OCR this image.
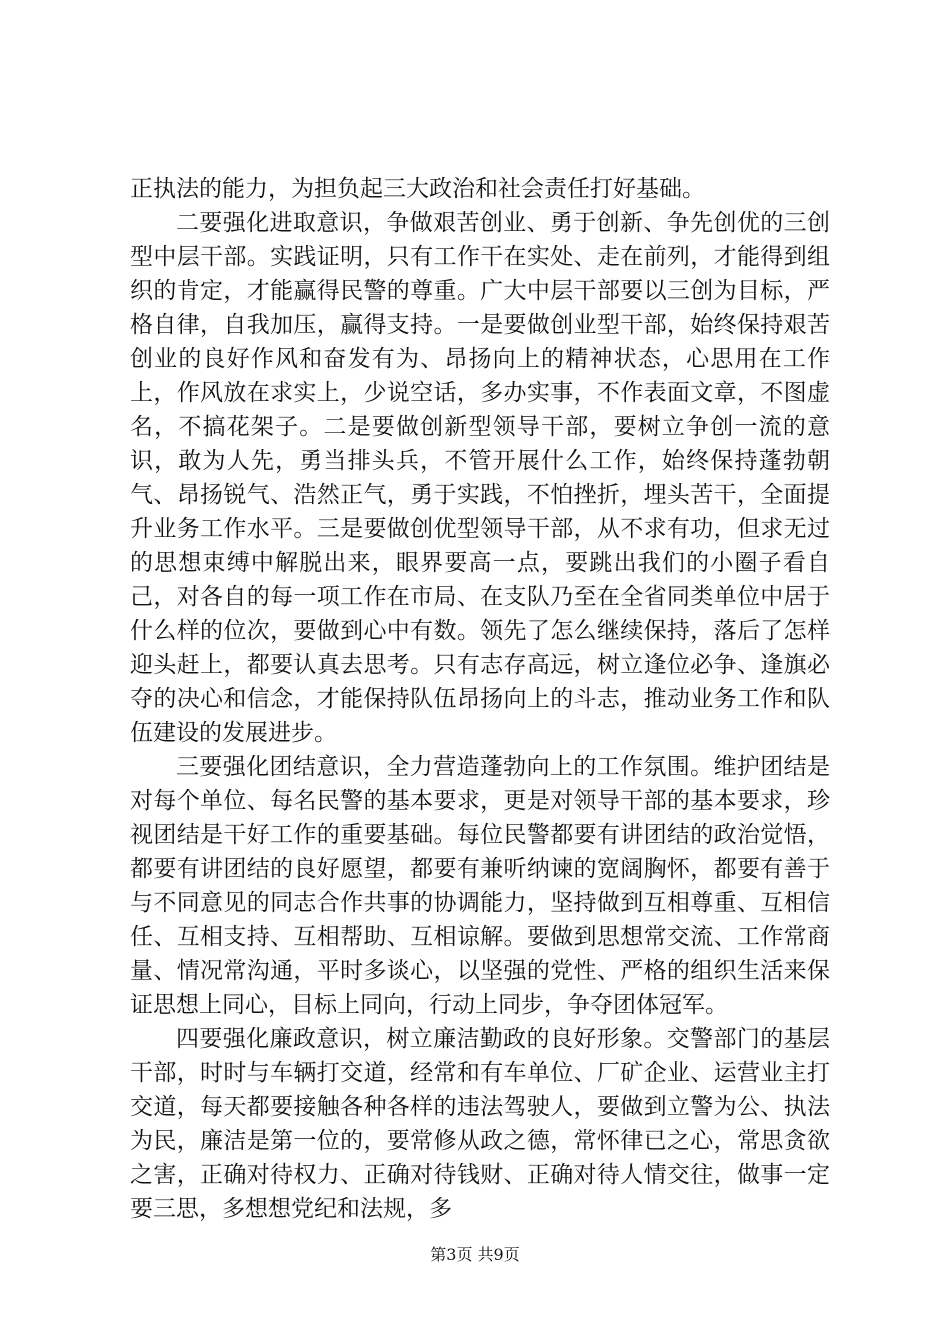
正执法的能力，为担负起三大政治和社会责任打好基础。

二要强化进取意识，争做艰苦创业、勇于创新、争先创优的三创型中层干部。实践证明，只有工作干在实处、走在前列，才能得到组织的肯定，才能赢得民警的尊重。广大中层干部要以三创为目标，严格自律，自我加压，赢得支持。一是要做创业型干部，始终保持艰苦创业的良好作风和奋发有为、昂扬向上的精神状态，心思用在工作上，作风放在求实上，少说空话，多办实事，不作表面文章，不图虚名，不搞花架子。二是要做创新型领导干部，要树立争创一流的意识，敢为人先，勇当排头兵，不管开展什么工作，始终保持蓬勃朝气、昂扬锐气、浩然正气，勇于实践，不怕挫折，埋头苦干，全面提升业务工作水平。三是要做创优型领导干部，从不求有功，但求无过的思想束缚中解脱出来，眼界要高一点，要跳出我们的小圈子看自己，对各自的每一项工作在市局、在支队乃至在全省同类单位中居于什么样的位次，要做到心中有数。领先了怎么继续保持，落后了怎样迎头赶上，都要认真去思考。只有志存高远，树立逢位必争、逢旗必夺的决心和信念，才能保持队伍昂扬向上的斗志，推动业务工作和队伍建设的发展进步。

三要强化团结意识，全力营造蓬勃向上的工作氛围。维护团结是对每个单位、每名民警的基本要求，更是对领导干部的基本要求，珍视团结是干好工作的重要基础。每位民警都要有讲团结的政治觉悟，都要有讲团结的良好愿望，都要有兼听纳谏的宽阔胸怀，都要有善于与不同意见的同志合作共事的协调能力，坚持做到互相尊重、互相信任、互相支持、互相帮助、互相谅解。要做到思想常交流、工作常商量、情况常沟通，平时多谈心，以坚强的党性、严格的组织生活来保证思想上同心，目标上同向，行动上同步，争夺团体冠军。

四要强化廉政意识，树立廉洁勤政的良好形象。交警部门的基层干部，时时与车辆打交道，经常和有车单位、厂矿企业、运营业主打交道，每天都要接触各种各样的违法驾驶人，要做到立警为公、执法为民，廉洁是第一位的，要常修从政之德，常怀律已之心，常思贪欲之害，正确对待权力、正确对待钱财、正确对待人情交往，做事一定要三思，多想想党纪和法规，多

第3页 共9页
